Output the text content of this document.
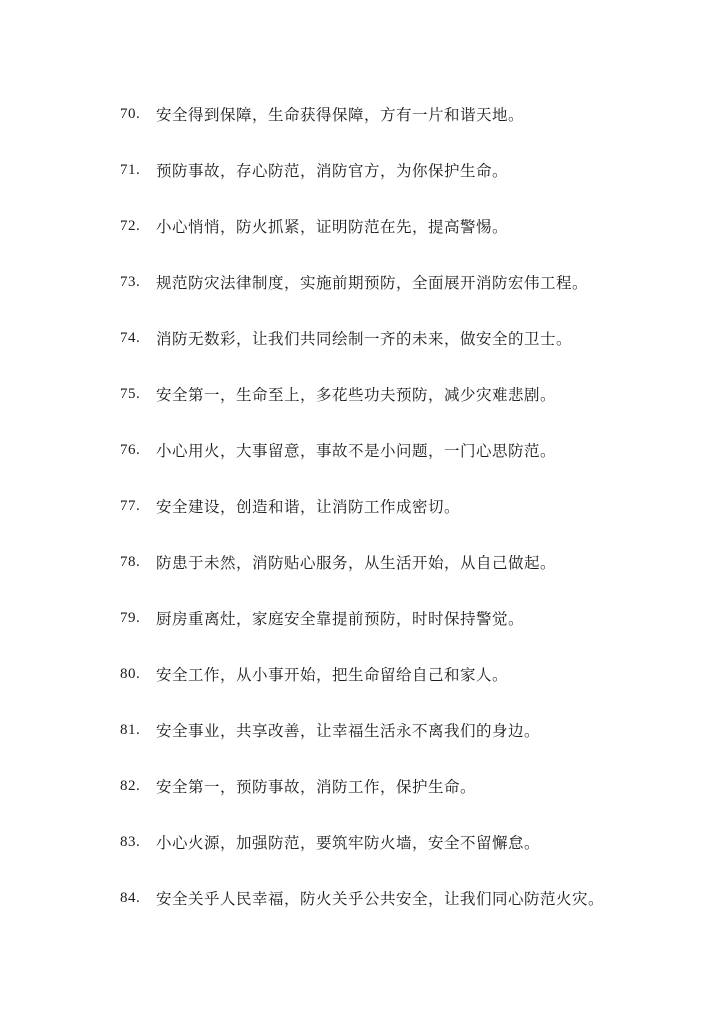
70.	安全得到保障，生命获得保障，方有一片和谐天地。
71.	预防事故，存心防范，消防官方，为你保护生命。
72.	小心悄悄，防火抓紧，证明防范在先，提高警惕。
73.	规范防灾法律制度，实施前期预防，全面展开消防宏伟工程。
74.	消防无数彩，让我们共同绘制一齐的未来，做安全的卫士。
75.	安全第一，生命至上，多花些功夫预防，减少灾难悲剧。
76.	小心用火，大事留意，事故不是小问题，一门心思防范。
77.	安全建设，创造和谐，让消防工作成密切。
78.	防患于未然，消防贴心服务，从生活开始，从自己做起。
79.	厨房重离灶，家庭安全靠提前预防，时时保持警觉。
80.	安全工作，从小事开始，把生命留给自己和家人。
81.	安全事业，共享改善，让幸福生活永不离我们的身边。
82.	安全第一，预防事故，消防工作，保护生命。
83.	小心火源，加强防范，要筑牢防火墙，安全不留懈怠。
84.	安全关乎人民幸福，防火关乎公共安全，让我们同心防范火灾。
